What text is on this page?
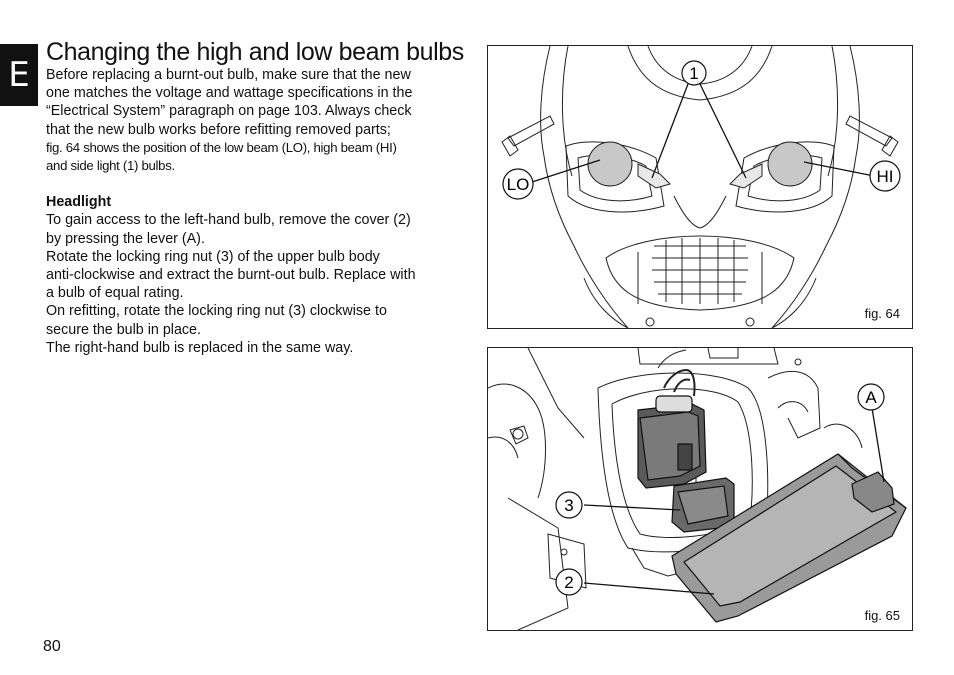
E
Changing the high and low beam bulbs

Before replacing a burnt-out bulb, make sure that the new

one matches the voltage and wattage specifications in the

“Electrical System” paragraph on page 103. Always check

that the new bulb works before refitting removed parts;

fig. 64 shows the position of the low beam (LO), high beam (HI)

and side light (1) bulbs.

Headlight

To gain access to the left-hand bulb, remove the cover (2)

by pressing the lever (A).

Rotate the locking ring nut (3) of the upper bulb body

anti-clockwise and extract the burnt-out bulb. Replace with

a bulb of equal rating.

On refitting, rotate the locking ring nut (3) clockwise to

secure the bulb in place.

The right-hand bulb is replaced in the same way.

80
1
LO	HI
fig. 64
A
3
2
fig. 65
